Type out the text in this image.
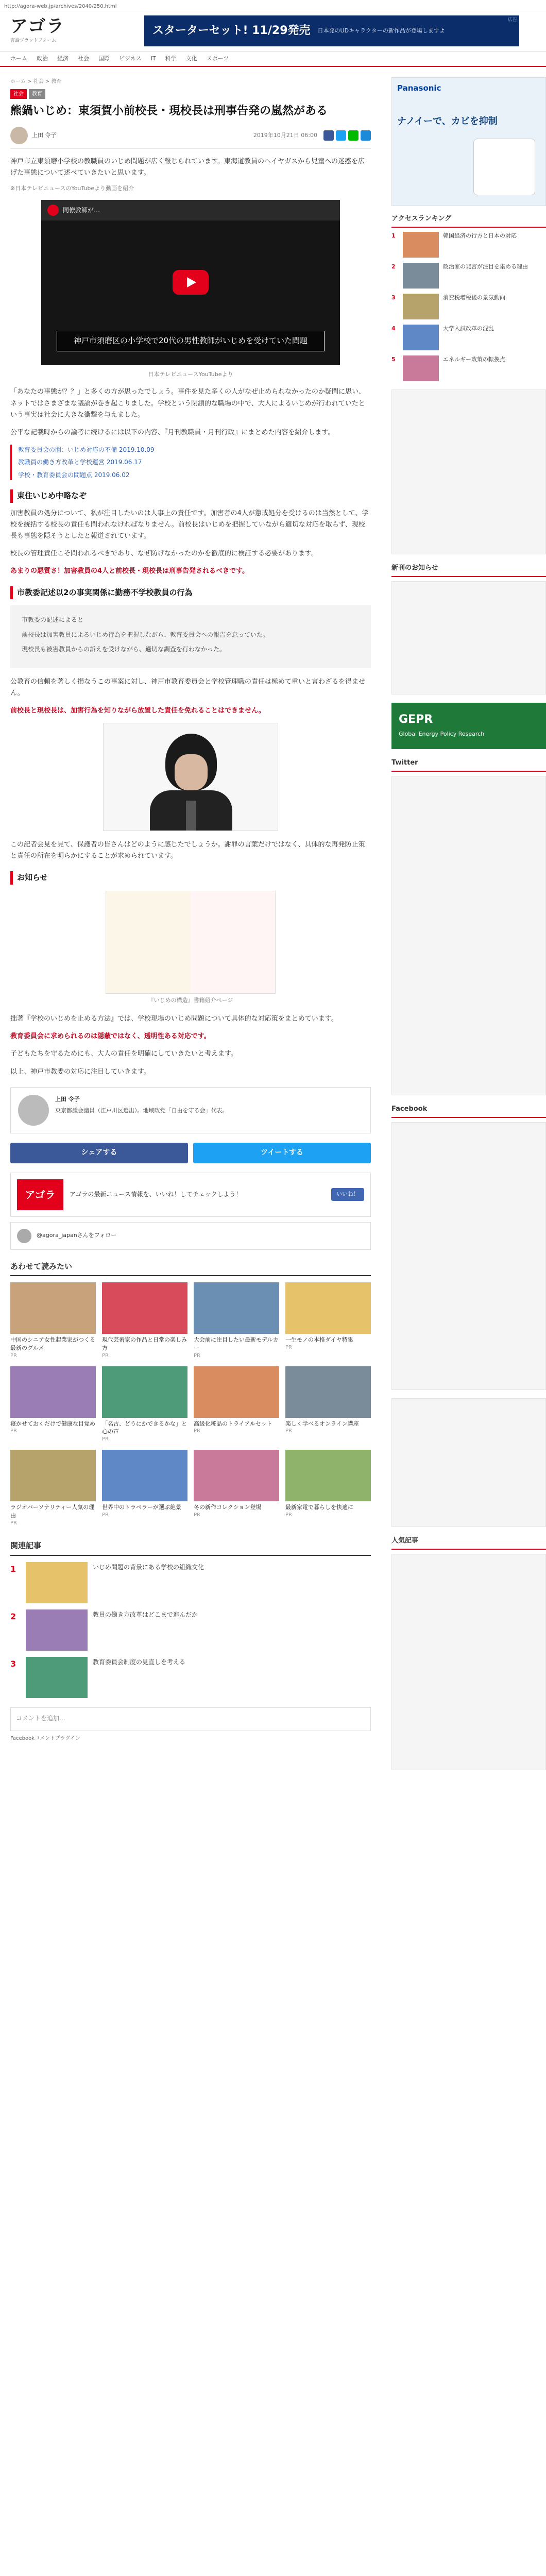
http://agora-web.jp/archives/2040/250.html
アゴラ
言論プラットフォーム
スターターセット! 11/29発売 日本発のUDキャラクターの新作品が登場しますよ
広告
ホーム 政治 経済 社会 国際 ビジネス IT 科学 文化 スポーツ
ホーム > 社会 > 教育
社会	教育
熊鍋いじめ：東須賀小前校長・現校長は刑事告発の嵐然がある
上田 令子	2019年10月21日 06:00

神戸市立東須磨小学校の教職員のいじめ問題が広く報じられています。東海道教員のヘイヤガスから児童への迷惑を広げた事態について述べていきたいと思います。

※日本テレビニュースのYouTubeより動画を紹介

同僚教師が…
神戸市須磨区の小学校で20代の男性教師がいじめを受けていた問題
日本テレビニュースYouTubeより

「あなたの事態が？？」と多くの方が思ったでしょう。事件を見た多くの人がなぜ止められなかったのか疑問に思い、ネットではさまざまな議論が巻き起こりました。学校という閉鎖的な職場の中で、大人によるいじめが行われていたという事実は社会に大きな衝撃を与えました。

公平な記載時からの論考に続けるには以下の内容、『月刊教職員・月刊行政』にまとめた内容を紹介します。

教育委員会の闇：いじめ対応の不備 2019.10.09
教職員の働き方改革と学校運営 2019.06.17
学校・教育委員会の問題点 2019.06.02
東住いじめ中略なぞ

加害教員の処分について、私が注目したいのは人事上の責任です。加害者の4人が懲戒処分を受けるのは当然として、学校を統括する校長の責任も問われなければなりません。前校長はいじめを把握していながら適切な対応を取らず、現校長も事態を隠そうとしたと報道されています。

校長の管理責任こそ問われるべきであり、なぜ防げなかったのかを徹底的に検証する必要があります。

あまりの悪質さ！加害教員の4人と前校長・現校長は刑事告発されるべきです。

市教委記述以2の事実関係に勤務不学校教員の行為

市教委の記述によると

前校長は加害教員によるいじめ行為を把握しながら、教育委員会への報告を怠っていた。

現校長も被害教員からの訴えを受けながら、適切な調査を行わなかった。

公教育の信頼を著しく損なうこの事案に対し、神戸市教育委員会と学校管理職の責任は極めて重いと言わざるを得ません。

前校長と現校長は、加害行為を知りながら放置した責任を免れることはできません。

この記者会見を見て、保護者の皆さんはどのように感じたでしょうか。謝罪の言葉だけではなく、具体的な再発防止策と責任の所在を明らかにすることが求められています。

お知らせ
『いじめの構造』書籍紹介ページ

拙著『学校のいじめを止める方法』では、学校現場のいじめ問題について具体的な対応策をまとめています。

教育委員会に求められるのは隠蔽ではなく、透明性ある対応です。

子どもたちを守るためにも、大人の責任を明確にしていきたいと考えます。

以上、神戸市教委の対応に注目していきます。

上田 令子
東京都議会議員（江戸川区選出）。地域政党「自由を守る会」代表。
シェアする	ツイートする
アゴラ	アゴラの最新ニュース情報を、いいね！してチェックしよう！	いいね！
@agora_japanさんをフォロー
あわせて読みたい
中国のシニア女性起業家がつくる最新のグルメ
PR
現代芸術家の作品と日常の楽しみ方
PR
大会前に注目したい最新モデルカー
PR
一生モノの本格ダイヤ特集
PR
寝かせておくだけで健康な目覚め
PR
「名古、どうにかできるかな」と心の声
PR
高級化粧品のトライアルセット
PR
楽しく学べるオンライン講座
PR
ラジオパーソナリティー人気の理由
PR
世界中のトラベラーが選ぶ絶景
PR
冬の新作コレクション登場
PR
最新家電で暮らしを快適に
PR
関連記事
1	いじめ問題の背景にある学校の組織文化
2	教員の働き方改革はどこまで進んだか
3	教育委員会制度の見直しを考える
コメントを追加...
Facebookコメントプラグイン
Panasonic
ナノイーで、カビを抑制
アクセスランキング
1	韓国経済の行方と日本の対応
2	政治家の発言が注目を集める理由
3	消費税増税後の景気動向
4	大学入試改革の混乱
5	エネルギー政策の転換点
新刊のお知らせ
GEPR
Global Energy Policy Research
Twitter
Facebook
人気記事
